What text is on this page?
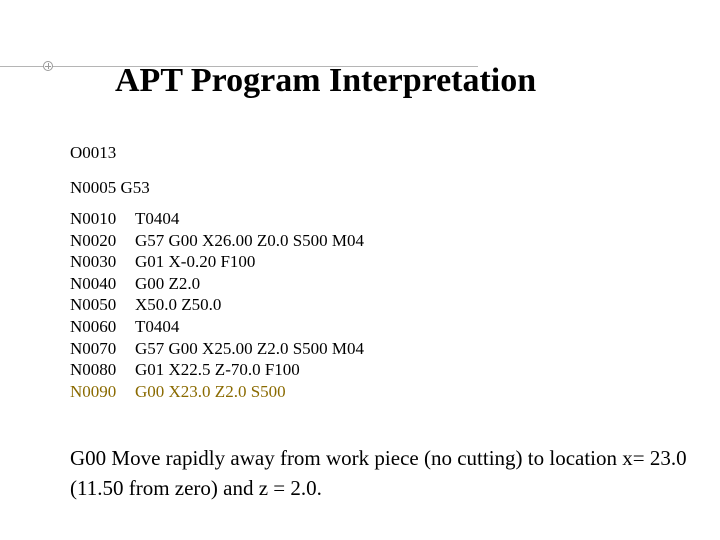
APT Program Interpretation
O0013
N0005 G53
N0010 T0404
N0020 G57 G00 X26.00 Z0.0 S500 M04
N0030 G01 X-0.20 F100
N0040 G00 Z2.0
N0050 X50.0 Z50.0
N0060 T0404
N0070 G57 G00 X25.00 Z2.0 S500 M04
N0080 G01 X22.5 Z-70.0 F100
N0090 G00 X23.0 Z2.0 S500
G00 Move rapidly away from work piece (no cutting) to location x= 23.0 (11.50 from zero) and z = 2.0.
